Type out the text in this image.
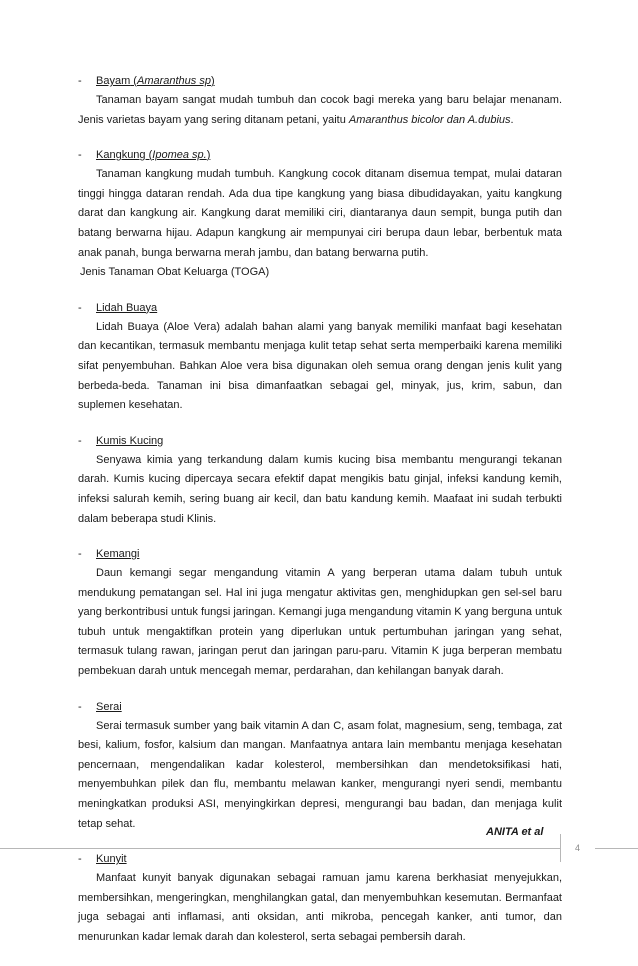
- Bayam (Amaranthus sp)

Tanaman bayam sangat mudah tumbuh dan cocok bagi mereka yang baru belajar menanam. Jenis varietas bayam yang sering ditanam petani, yaitu Amaranthus bicolor dan A.dubius.

- Kangkung (Ipomea sp.)

Tanaman kangkung mudah tumbuh. Kangkung cocok ditanam disemua tempat, mulai dataran tinggi hingga dataran rendah. Ada dua tipe kangkung yang biasa dibudidayakan, yaitu kangkung darat dan kangkung air. Kangkung darat memiliki ciri, diantaranya daun sempit, bunga putih dan batang berwarna hijau. Adapun kangkung air mempunyai ciri berupa daun lebar, berbentuk mata anak panah, bunga berwarna merah jambu, dan batang berwarna putih.

Jenis Tanaman Obat Keluarga (TOGA)

- Lidah Buaya

Lidah Buaya (Aloe Vera) adalah bahan alami yang banyak memiliki manfaat bagi kesehatan dan kecantikan, termasuk membantu menjaga kulit tetap sehat serta memperbaiki karena memiliki sifat penyembuhan. Bahkan Aloe vera bisa digunakan oleh semua orang dengan jenis kulit yang berbeda-beda. Tanaman ini bisa dimanfaatkan sebagai gel, minyak, jus, krim, sabun, dan suplemen kesehatan.

- Kumis Kucing

Senyawa kimia yang terkandung dalam kumis kucing bisa membantu mengurangi tekanan darah. Kumis kucing dipercaya secara efektif dapat mengikis batu ginjal, infeksi kandung kemih, infeksi salurah kemih, sering buang air kecil, dan batu kandung kemih. Maafaat ini sudah terbukti dalam beberapa studi Klinis.

- Kemangi

Daun kemangi segar mengandung vitamin A yang berperan utama dalam tubuh untuk mendukung pematangan sel. Hal ini juga mengatur aktivitas gen, menghidupkan gen sel-sel baru yang berkontribusi untuk fungsi jaringan. Kemangi juga mengandung vitamin K yang berguna untuk tubuh untuk mengaktifkan protein yang diperlukan untuk pertumbuhan jaringan yang sehat, termasuk tulang rawan, jaringan perut dan jaringan paru-paru. Vitamin K juga berperan membatu pembekuan darah untuk mencegah memar, perdarahan, dan kehilangan banyak darah.

- Serai

Serai termasuk sumber yang baik vitamin A dan C, asam folat, magnesium, seng, tembaga, zat besi, kalium, fosfor, kalsium dan mangan. Manfaatnya antara lain membantu menjaga kesehatan pencernaan, mengendalikan kadar kolesterol, membersihkan dan mendetoksifikasi hati, menyembuhkan pilek dan flu, membantu melawan kanker, mengurangi nyeri sendi, membantu meningkatkan produksi ASI, menyingkirkan depresi, mengurangi bau badan, dan menjaga kulit tetap sehat.

- Kunyit

Manfaat kunyit banyak digunakan sebagai ramuan jamu karena berkhasiat menyejukkan, membersihkan, mengeringkan, menghilangkan gatal, dan menyembuhkan kesemutan. Bermanfaat juga sebagai anti inflamasi, anti oksidan, anti mikroba, pencegah kanker, anti tumor, dan menurunkan kadar lemak darah dan kolesterol, serta sebagai pembersih darah.

ANITA et al
4
